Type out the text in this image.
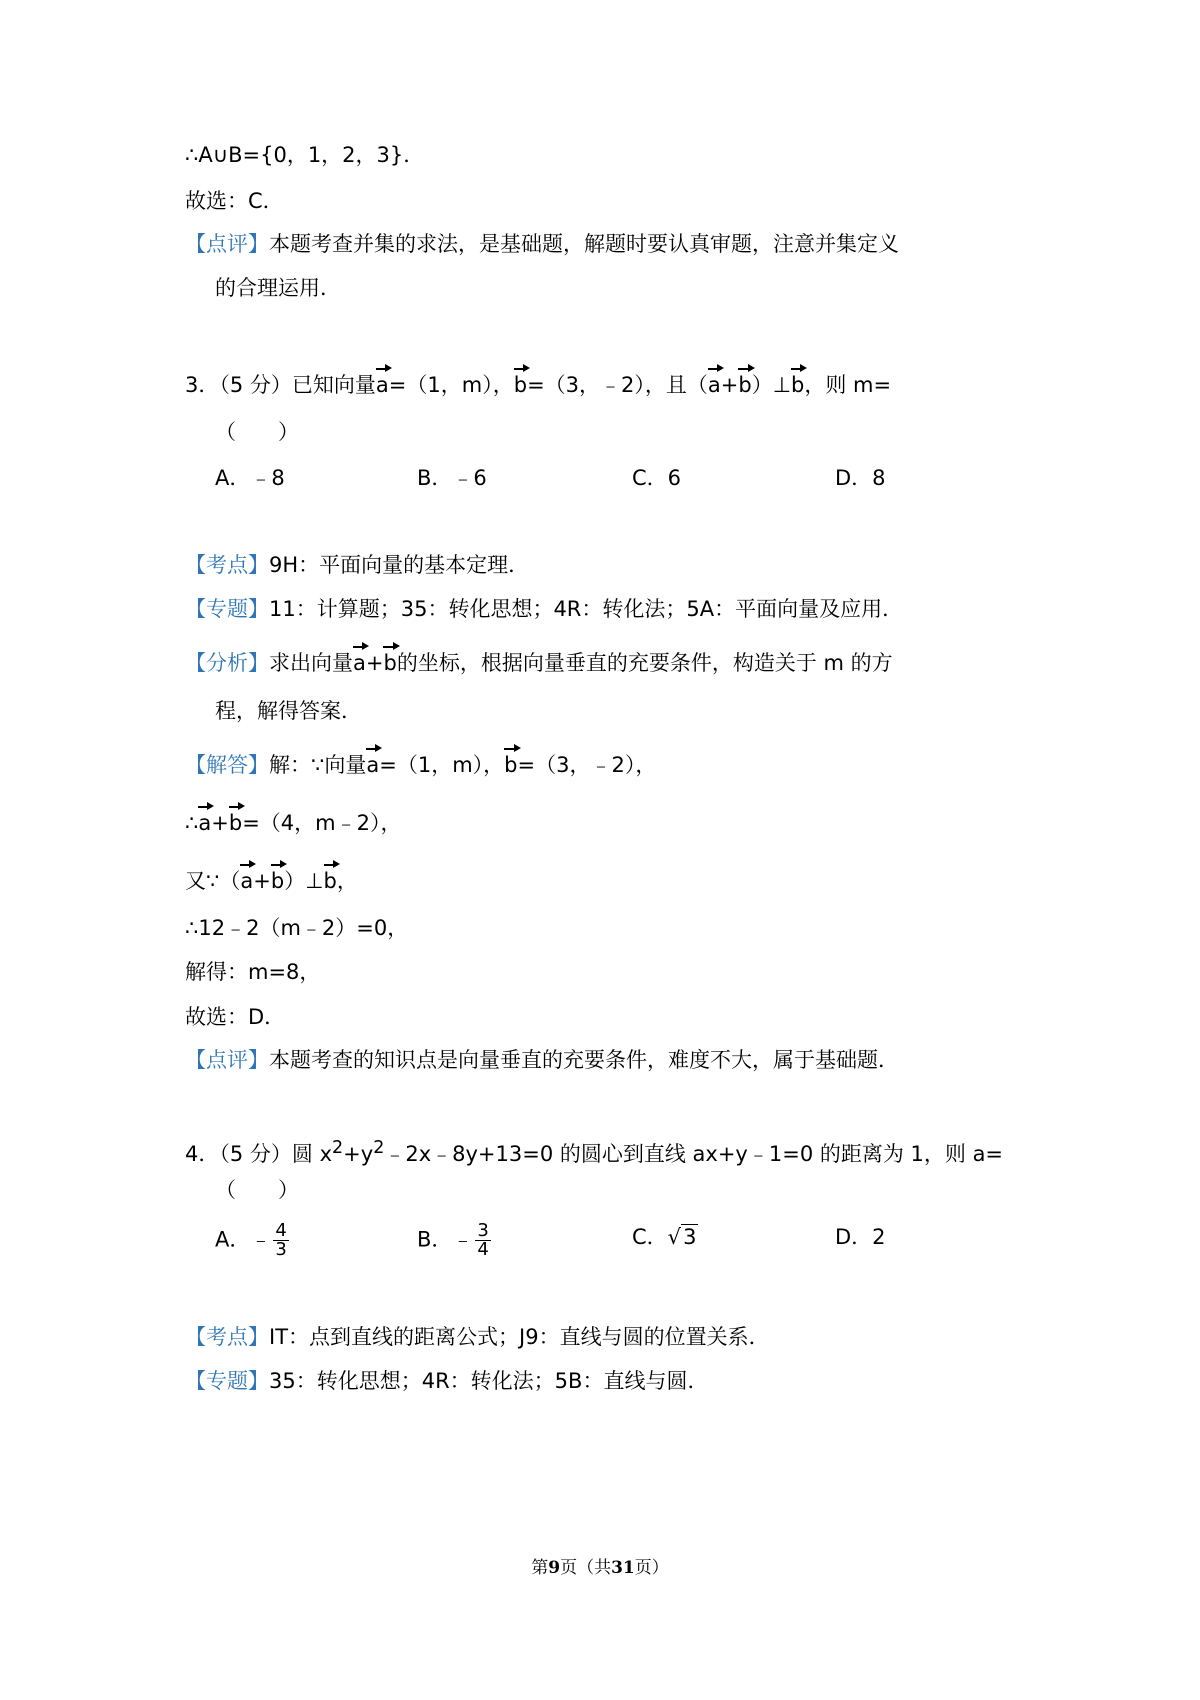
∴A∪B={0，1，2，3}．
故选：C．
【点评】本题考查并集的求法，是基础题，解题时要认真审题，注意并集定义
的合理运用．
3．（5 分）已知向量a=（1，m），b=（3，﹣2），且（a+b）⊥b，则 m=
（　　）
A．﹣8	B．﹣6	C．6	D．8
【考点】9H：平面向量的基本定理．
【专题】11：计算题；35：转化思想；4R：转化法；5A：平面向量及应用．
【分析】求出向量a+b的坐标，根据向量垂直的充要条件，构造关于 m 的方
程，解得答案．
【解答】解：∵向量a=（1，m），b=（3，﹣2），
∴a+b=（4，m﹣2），
又∵（a+b）⊥b，
∴12﹣2（m﹣2）=0，
解得：m=8，
故选：D．
【点评】本题考查的知识点是向量垂直的充要条件，难度不大，属于基础题．
4．（5 分）圆 $x^2+y^2﹣2x﹣8y+13=0$ 的圆心到直线 ax+y﹣1=0 的距离为 1，则 a=
（　　）
A．﹣ $\frac{4}{3}$	B．﹣ $\frac{3}{4}$	C．√3	D．2
【考点】IT：点到直线的距离公式；J9：直线与圆的位置关系．
【专题】35：转化思想；4R：转化法；5B：直线与圆．
第9页（共31页）
